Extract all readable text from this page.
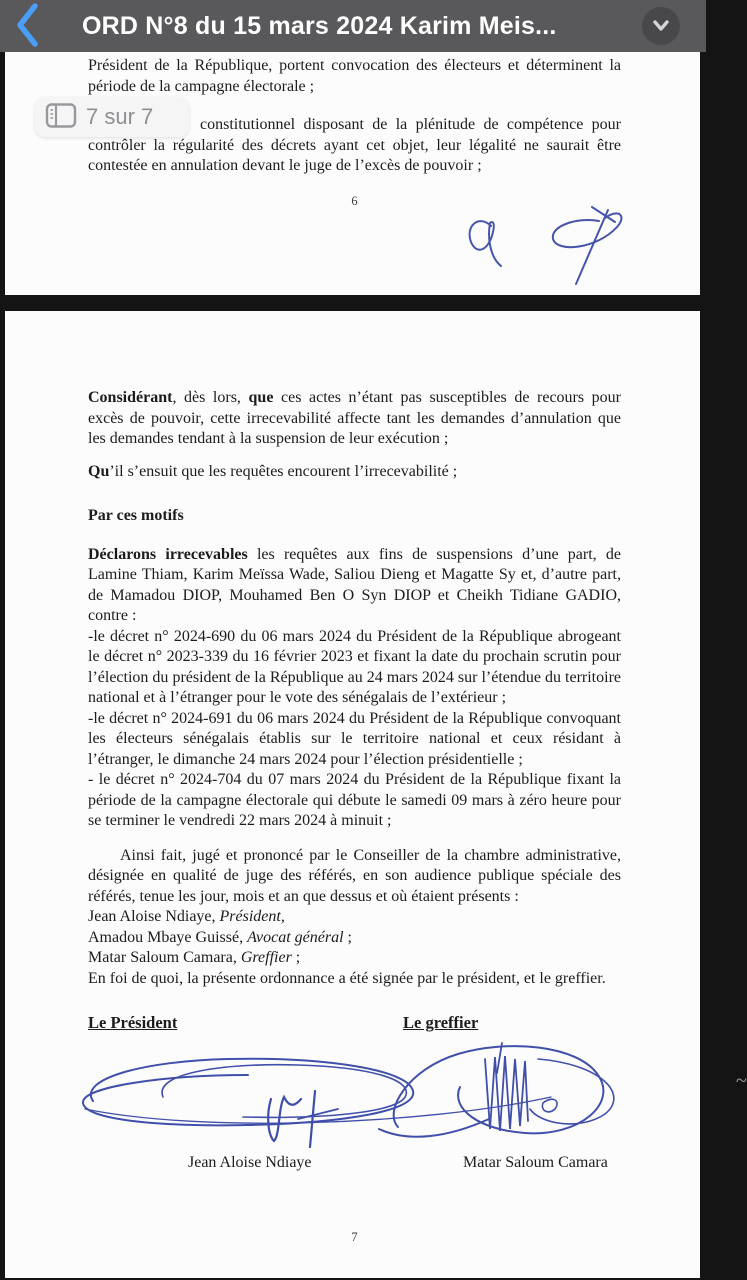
ORD N°8 du 15 mars 2024 Karim Meis...
Président de la République, portent convocation des électeurs et déterminent la
période de la campagne électorale ;
constitutionnel disposant de la plénitude de compétence pour
contrôler la régularité des décrets ayant cet objet, leur légalité ne saurait être
contestée en annulation devant le juge de l’excès de pouvoir ;
6

Considérant, dès lors, que ces actes n’étant pas susceptibles de recours pour excès de pouvoir, cette irrecevabilité affecte tant les demandes d’annulation que les demandes tendant à la suspension de leur exécution ;

Qu’il s’ensuit que les requêtes encourent l’irrecevabilité ;

Par ces motifs

Déclarons irrecevables les requêtes aux fins de suspensions d’une part, de Lamine Thiam, Karim Meïssa Wade, Saliou Dieng et Magatte Sy et, d’autre part, de Mamadou DIOP, Mouhamed Ben O Syn DIOP et Cheikh Tidiane GADIO, contre :

-le décret n° 2024-690 du 06 mars 2024 du Président de la République abrogeant le décret n° 2023-339 du 16 février 2023 et fixant la date du prochain scrutin pour l’élection du président de la République au 24 mars 2024 sur l’étendue du territoire national et à l’étranger pour le vote des sénégalais de l’extérieur ;

-le décret n° 2024-691 du 06 mars 2024 du Président de la République convoquant les électeurs sénégalais établis sur le territoire national et ceux résidant à l’étranger, le dimanche 24 mars 2024 pour l’élection présidentielle ;

- le décret n° 2024-704 du 07 mars 2024 du Président de la République fixant la période de la campagne électorale qui débute le samedi 09 mars à zéro heure pour se terminer le vendredi 22 mars 2024 à minuit ;

Ainsi fait, jugé et prononcé par le Conseiller de la chambre administrative, désignée en qualité de juge des référés, en son audience publique spéciale des référés, tenue les jour, mois et an que dessus et où étaient présents :

Jean Aloise Ndiaye, Président,

Amadou Mbaye Guissé, Avocat général ;

Matar Saloum Camara, Greffier ;

En foi de quoi, la présente ordonnance a été signée par le président, et le greffier.

Le Président	Le greffier
~
Jean Aloise Ndiaye	Matar Saloum Camara
7
7 sur 7
